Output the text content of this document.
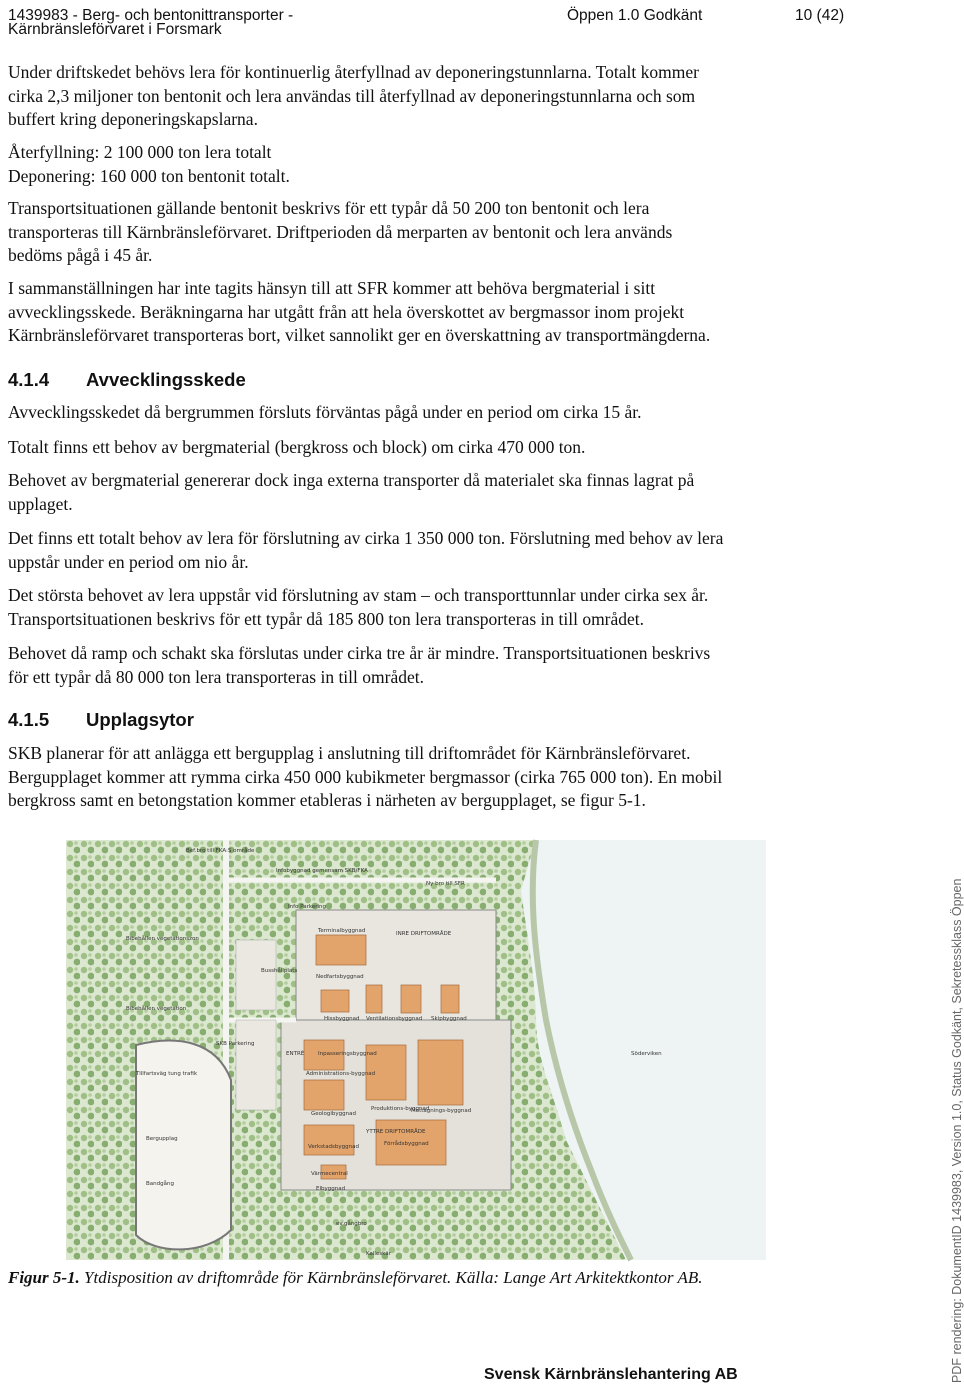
1439983 - Berg- och bentonittransporter -
Kärnbränsleförvaret i Forsmark
Öppen 1.0 Godkänt	10 (42)
Under driftskedet behövs lera för kontinuerlig återfyllnad av deponeringstunnlarna. Totalt kommer
cirka 2,3 miljoner ton bentonit och lera användas till återfyllnad av deponeringstunnlarna och som
buffert kring deponeringskapslarna.
Återfyllning: 2 100 000 ton lera totalt
Deponering: 160 000 ton bentonit totalt.
Transportsituationen gällande bentonit beskrivs för ett typår då 50 200 ton bentonit och lera
transporteras till Kärnbränsleförvaret. Driftperioden då merparten av bentonit och lera används
bedöms pågå i 45 år.
I sammanställningen har inte tagits hänsyn till att SFR kommer att behöva bergmaterial i sitt
avvecklingsskede. Beräkningarna har utgått från att hela överskottet av bergmassor inom projekt
Kärnbränsleförvaret transporteras bort, vilket sannolikt ger en överskattning av transportmängderna.
4.1.4 Avvecklingsskede
Avvecklingsskedet då bergrummen försluts förväntas pågå under en period om cirka 15 år.
Totalt finns ett behov av bergmaterial (bergkross och block) om cirka 470 000 ton.
Behovet av bergmaterial genererar dock inga externa transporter då materialet ska finnas lagrat på
upplaget.
Det finns ett totalt behov av lera för förslutning av cirka 1 350 000 ton. Förslutning med behov av lera
uppstår under en period om nio år.
Det största behovet av lera uppstår vid förslutning av stam – och transporttunnlar under cirka sex år.
Transportsituationen beskrivs för ett typår då 185 800 ton lera transporteras in till området.
Behovet då ramp och schakt ska förslutas under cirka tre år är mindre. Transportsituationen beskrivs
för ett typår då 80 000 ton lera transporteras in till området.
4.1.5 Upplagsytor
SKB planerar för att anlägga ett bergupplag i anslutning till driftområdet för Kärnbränsleförvaret.
Bergupplaget kommer att rymma cirka 450 000 kubikmeter bergmassor (cirka 765 000 ton). En mobil
bergkross samt en betongstation kommer etableras i närheten av bergupplaget, se figur 5-1.
Bef.bro till FKA:S område
Infobyggnad gemensam SKB/FKA
Ny bro till SFR
Info Parkering
Bibehållen vegetationszon
Terminalbyggnad	INRE DRIFTOMRÅDE
Nedfartsbyggnad
Busshållplats
Hissbyggnad Ventilationsbyggnad Skipbyggnad
Bibehållen vegetation
SKB Parkering
ENTRÉ	Inpasseringsbyggnad	Söderviken
Administrations-byggnad
Tillfartsväg tung trafik
Geologibyggnad
Produktions-byggnad
Mottagnings-byggnad
YTTRE DRIFTOMRÅDE
Bergupplag
Verkstadsbyggnad	Förrådsbyggnad
Värmecentral
Bandgång
Elbyggnad
ev.gångbro
Kalleskär
Figur 5-1. Ytdisposition av driftområde för Kärnbränsleförvaret. Källa: Lange Art Arkitektkontor AB.
Svensk Kärnbränslehantering AB	PDF rendering: DokumentID 1439983, Version 1.0, Status Godkänt, Sekretessklass Öppen
